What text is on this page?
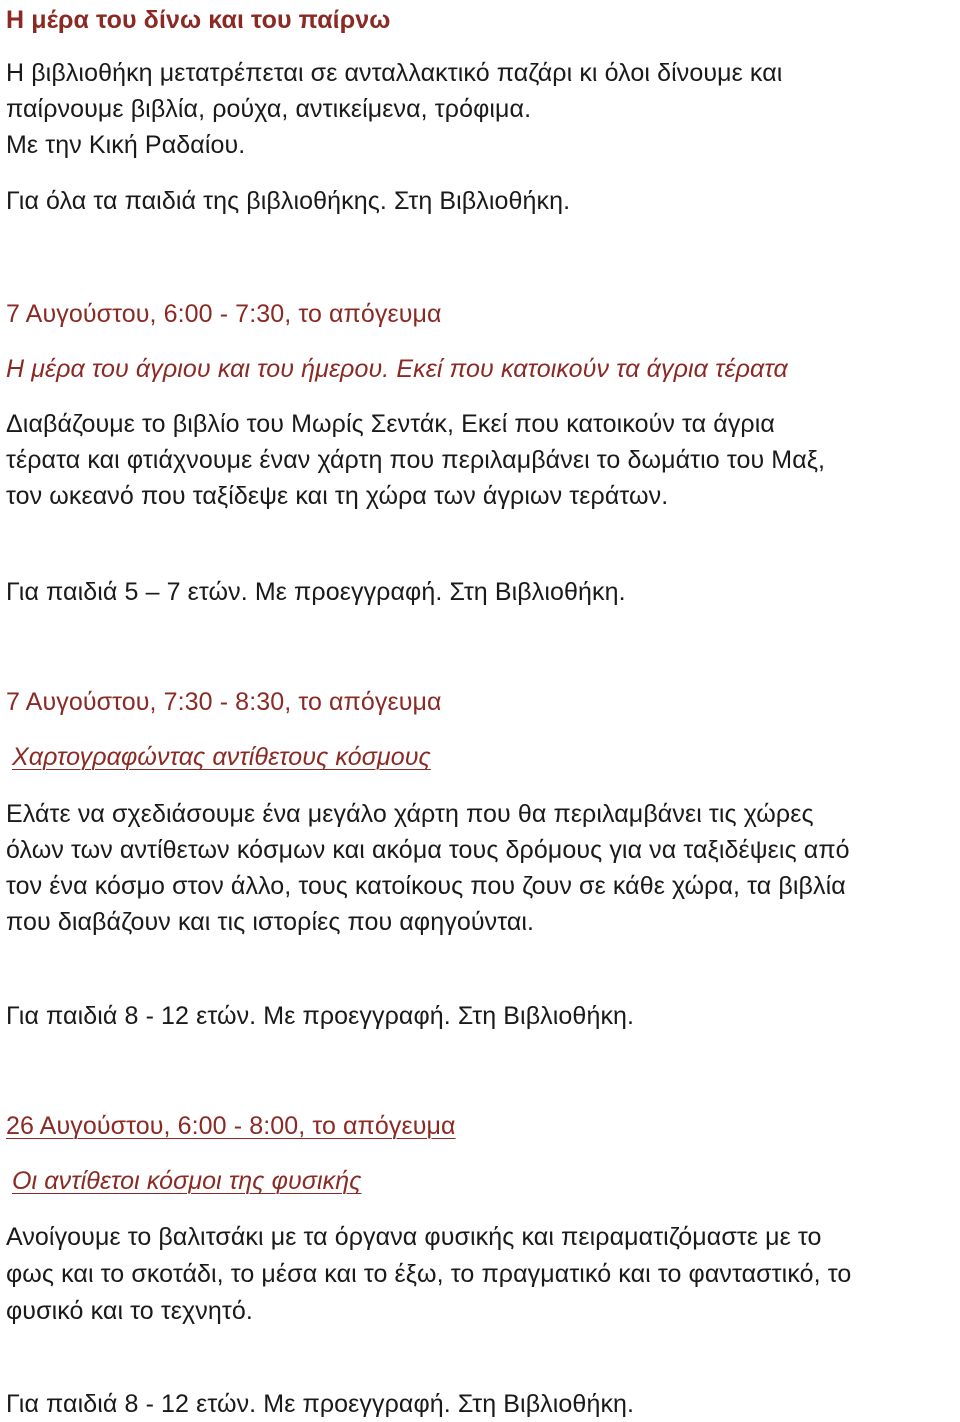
Η μέρα του δίνω και του παίρνω
Η βιβλιοθήκη μετατρέπεται σε ανταλλακτικό παζάρι κι όλοι δίνουμε και
παίρνουμε βιβλία, ρούχα, αντικείμενα, τρόφιμα.
Με την Κική Ραδαίου.
Για όλα τα παιδιά της βιβλιοθήκης. Στη Βιβλιοθήκη.
7 Αυγούστου, 6:00 - 7:30, το απόγευμα
Η μέρα του άγριου και του ήμερου. Εκεί που κατοικούν τα άγρια τέρατα
Διαβάζουμε το βιβλίο του Μωρίς Σεντάκ, Εκεί που κατοικούν τα άγρια
τέρατα και φτιάχνουμε έναν χάρτη που περιλαμβάνει το δωμάτιο του Μαξ,
τον ωκεανό που ταξίδεψε και τη χώρα των άγριων τεράτων.
Για παιδιά 5 – 7 ετών. Με προεγγραφή. Στη Βιβλιοθήκη.
7 Αυγούστου, 7:30 - 8:30, το απόγευμα
Χαρτογραφώντας αντίθετους κόσμους
Ελάτε να σχεδιάσουμε ένα μεγάλο χάρτη που θα περιλαμβάνει τις χώρες
όλων των αντίθετων κόσμων και ακόμα τους δρόμους για να ταξιδέψεις από
τον ένα κόσμο στον άλλο, τους κατοίκους που ζουν σε κάθε χώρα, τα βιβλία
που διαβάζουν και τις ιστορίες που αφηγούνται.
Για παιδιά 8 - 12 ετών. Με προεγγραφή. Στη Βιβλιοθήκη.
26 Αυγούστου, 6:00 - 8:00, το απόγευμα
Οι αντίθετοι κόσμοι της φυσικής
Ανοίγουμε το βαλιτσάκι με τα όργανα φυσικής και πειραματιζόμαστε με το
φως και το σκοτάδι, το μέσα και το έξω, το πραγματικό και το φανταστικό, το
φυσικό και το τεχνητό.
Για παιδιά 8 - 12 ετών. Με προεγγραφή. Στη Βιβλιοθήκη.
